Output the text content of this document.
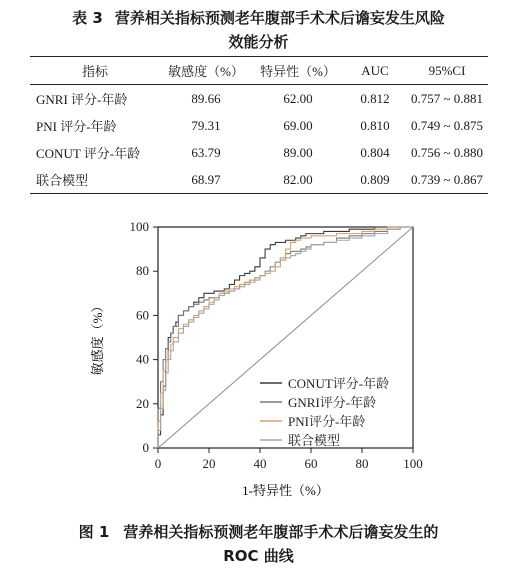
表 3 营养相关指标预测老年腹部手术术后谵妄发生风险
效能分析
指标	敏感度（%）	特异性（%）	AUC	95%CI
GNRI 评分-年龄	89.66	62.00	0.812	0.757 ~ 0.881
PNI 评分-年龄	79.31	69.00	0.810	0.749 ~ 0.875
CONUT 评分-年龄	63.79	89.00	0.804	0.756 ~ 0.880
联合模型	68.97	82.00	0.809	0.739 ~ 0.867
0	20	40	60	80	100
0
20
40
60
80
100
CONUT评分-年龄
GNRI评分-年龄
PNI评分-年龄
联合模型
1-特异性（%）
敏感度（%）
图 1 营养相关指标预测老年腹部手术术后谵妄发生的
ROC 曲线
